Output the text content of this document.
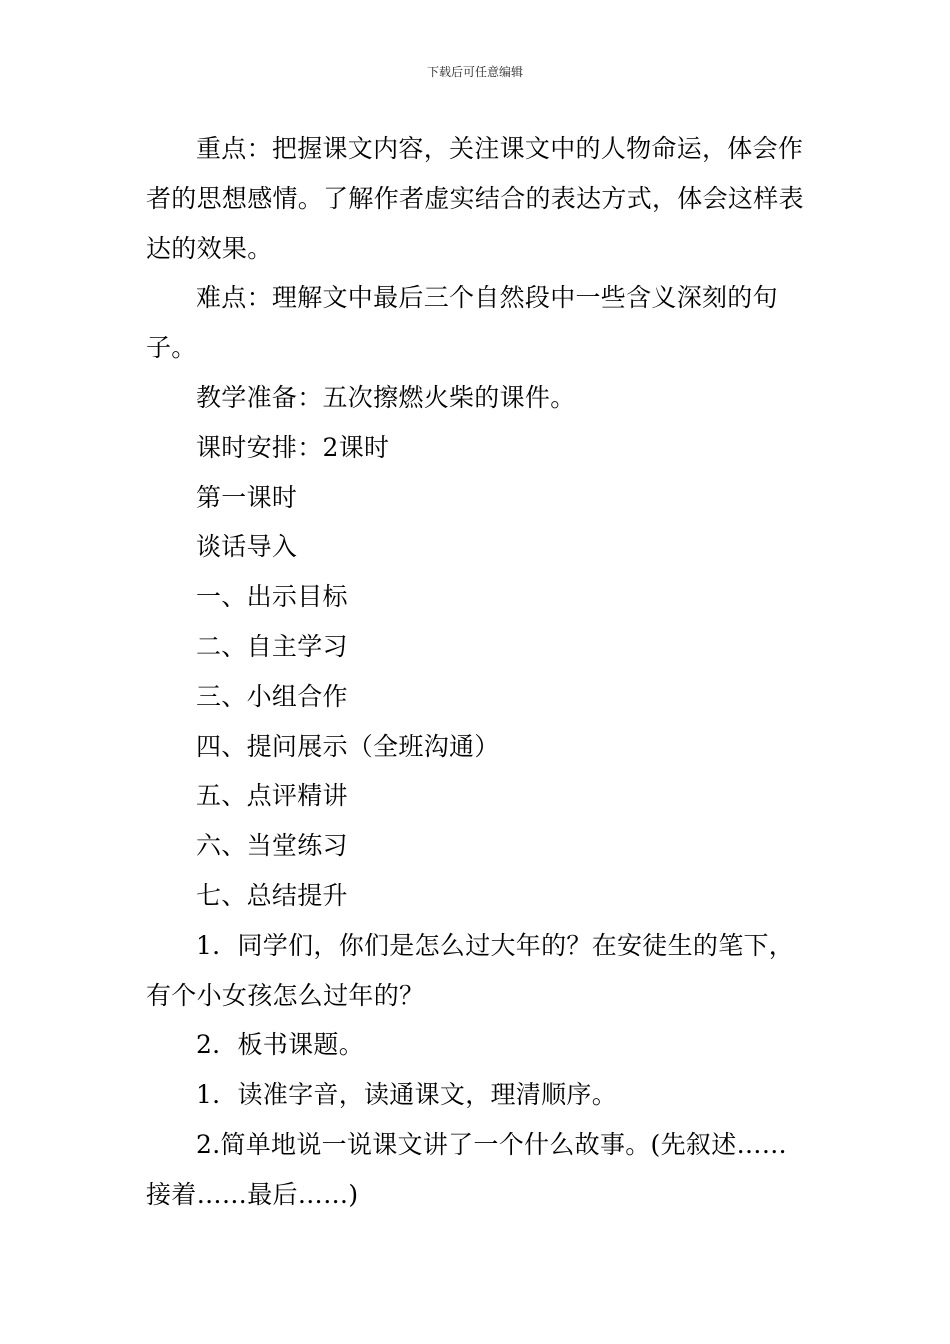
下载后可任意编辑

重点：把握课文内容，关注课文中的人物命运，体会作者的思想感情。了解作者虚实结合的表达方式，体会这样表达的效果。

难点：理解文中最后三个自然段中一些含义深刻的句子。

教学准备：五次擦燃火柴的课件。

课时安排：2课时

第一课时

谈话导入

一、出示目标

二、自主学习

三、小组合作

四、提问展示（全班沟通）

五、点评精讲

六、当堂练习

七、总结提升

1．同学们，你们是怎么过大年的？在安徒生的笔下，有个小女孩怎么过年的？

2．板书课题。

1．读准字音，读通课文，理清顺序。

2.简单地说一说课文讲了一个什么故事。(先叙述……接着……最后……)
